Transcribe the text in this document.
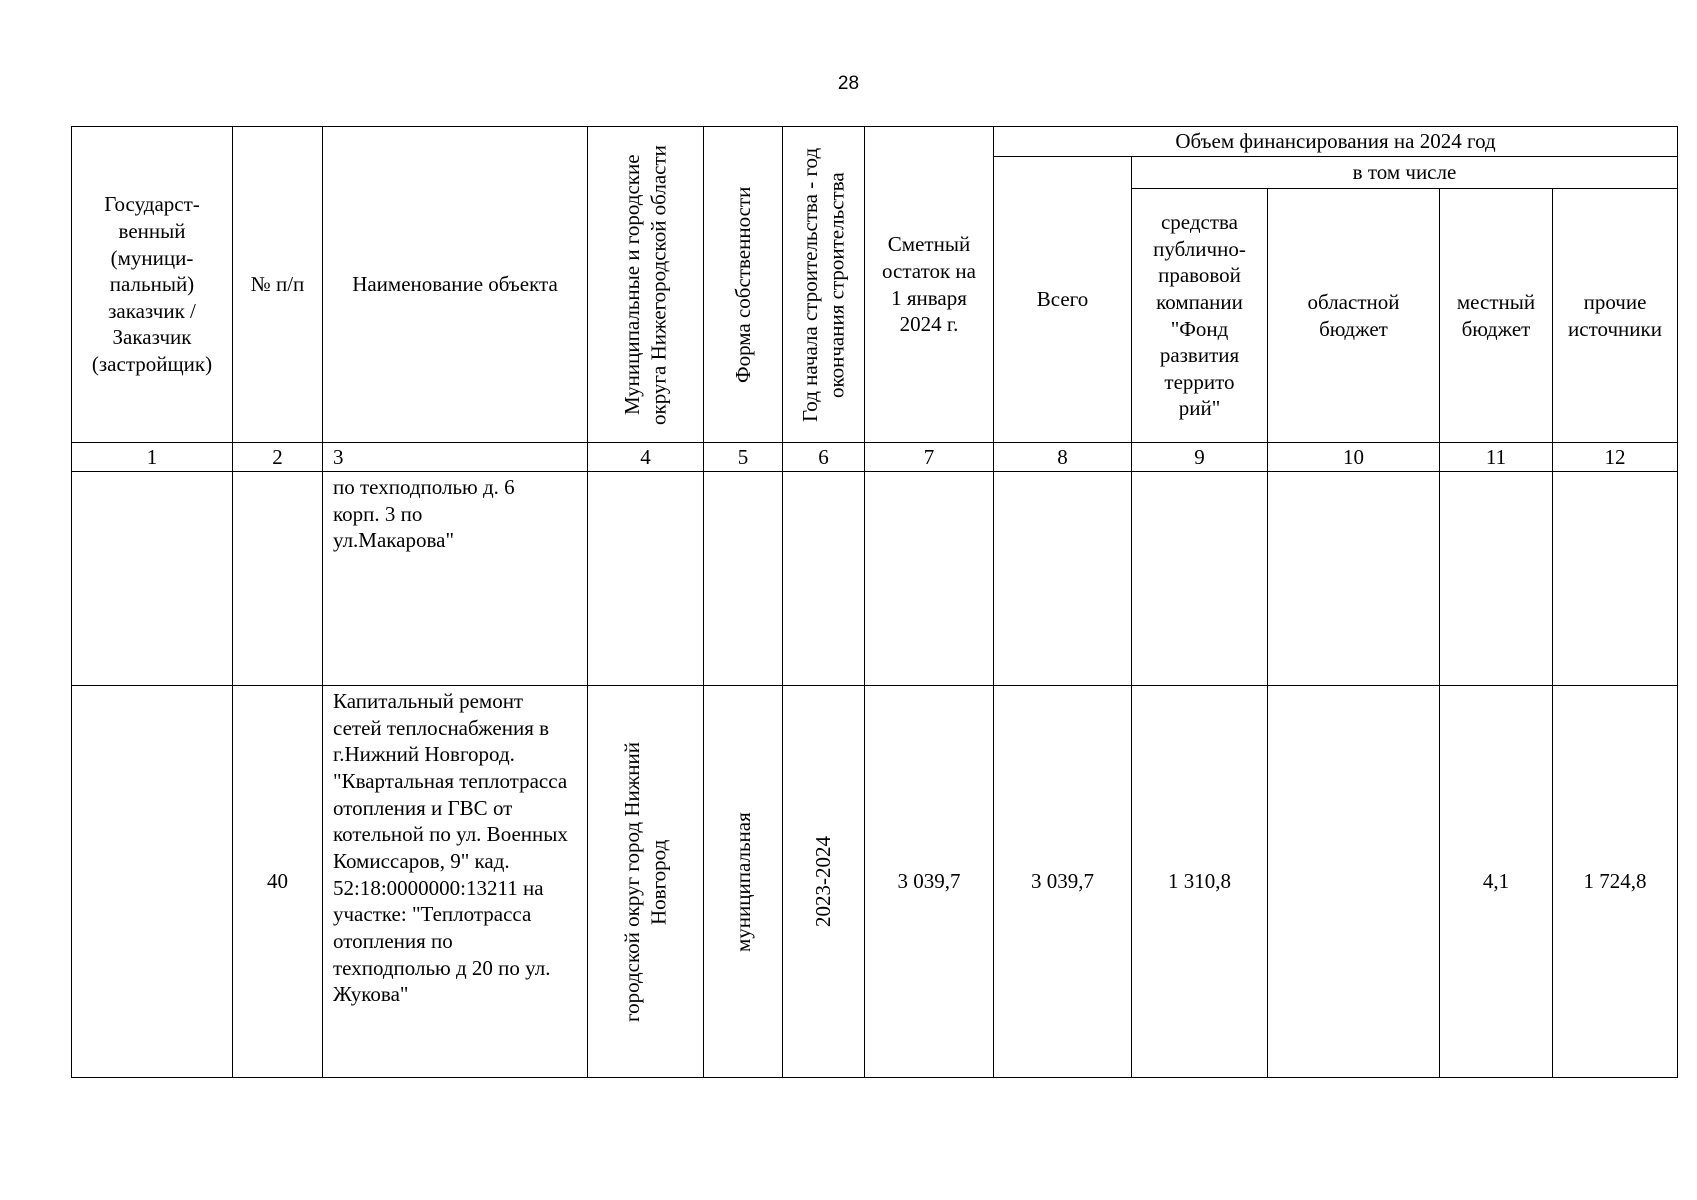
28
Государст-венный (муници-пальный) заказчик / Заказчик (застройщик)	№ п/п	Наименование объекта	Муниципальные и городские округа Нижегородской области	Форма собственности	Год начала строительства - год окончания строительства	Сметный остаток на 1 января 2024 г.	Объем финансирования на 2024 год				
							Всего	в том числе			
								средства публично-правовой компании "Фонд развития террито рий"	областной бюджет	местный бюджет	прочие источники
1	2	3	4	5	6	7	8	9	10	11	12
		по техподполью д. 6 корп. 3 по ул.Макарова"									
	40	Капитальный ремонт сетей теплоснабжения в г.Нижний Новгород. "Квартальная теплотрасса отопления и ГВС от котельной по ул. Военных Комиссаров, 9" кад. 52:18:0000000:13211 на участке: "Теплотрасса отопления по техподполью д 20 по ул. Жукова"	городской округ город Нижний Новгород	муниципальная	2023-2024	3 039,7	3 039,7	1 310,8		4,1	1 724,8
